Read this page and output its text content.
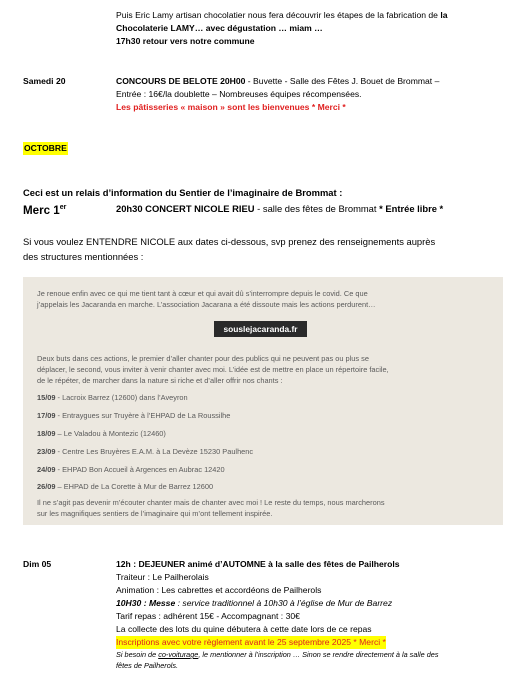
Puis Eric Lamy artisan chocolatier nous fera découvrir les étapes de la fabrication de la
Chocolaterie LAMY… avec dégustation … miam …
17h30 retour vers notre commune
Samedi 20	CONCOURS DE BELOTE 20H00 - Buvette - Salle des Fêtes J. Bouet de Brommat –
Entrée : 16€/la doublette – Nombreuses équipes récompensées.
Les pâtisseries « maison » sont les bienvenues * Merci *
OCTOBRE
Ceci est un relais d’information du Sentier de l’imaginaire de Brommat :
Merc 1er	20h30 CONCERT NICOLE RIEU - salle des fêtes de Brommat * Entrée libre *
Si vous voulez ENTENDRE NICOLE aux dates ci-dessous, svp prenez des renseignements auprès
des structures mentionnées :
Je renoue enfin avec ce qui me tient tant à cœur et qui avait dû s’interrompre depuis le covid. Ce que
j’appelais les Jacaranda en marche. L’association Jacarana a été dissoute mais les actions perdurent…
souslejacaranda.fr
Deux buts dans ces actions, le premier d’aller chanter pour des publics qui ne peuvent pas ou plus se
déplacer, le second, vous inviter à venir chanter avec moi. L’idée est de mettre en place un répertoire facile,
de le répéter, de marcher dans la nature si riche et d’aller offrir nos chants :
15/09 - Lacroix Barrez (12600) dans l’Aveyron
17/09 - Entraygues sur Truyère à l’EHPAD de La Roussilhe
18/09 – Le Valadou à Montezic (12460)
23/09 - Centre Les Bruyères E.A.M. à La Devèze 15230 Paulhenc
24/09 - EHPAD Bon Accueil à Argences en Aubrac 12420
26/09 – EHPAD de La Corette à Mur de Barrez 12600
Il ne s’agit pas devenir m’écouter chanter mais de chanter avec moi ! Le reste du temps, nous marcherons
sur les magnifiques sentiers de l’imaginaire qui m’ont tellement inspirée.
Dim 05	12h : DEJEUNER animé d’AUTOMNE à la salle des fêtes de Pailherols
Traiteur : Le Pailherolais
Animation : Les cabrettes et accordéons de Pailherols
10H30 : Messe : service traditionnel à 10h30 à l’église de Mur de Barrez
Tarif repas : adhérent 15€ - Accompagnant : 30€
La collecte des lots du quine débutera à cette date lors de ce repas
Inscriptions avec votre règlement avant le 25 septembre 2025 * Merci *
Si besoin de co-voiturage, le mentionner à l’inscription … Sinon se rendre directement à la salle des
fêtes de Pailherols.
